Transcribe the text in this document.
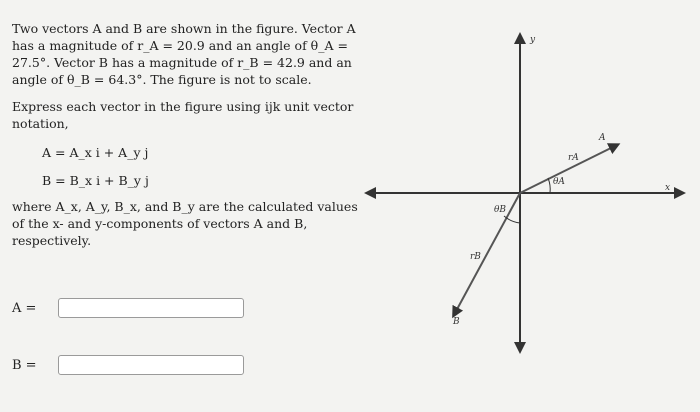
Two vectors A and B are shown in the figure. Vector A has a magnitude of r_A = 20.9 and an angle of θ_A = 27.5°. Vector B has a magnitude of r_B = 42.9 and an angle of θ_B = 64.3°. The figure is not to scale.

Express each vector in the figure using ijk unit vector notation,

A = A_x i + A_y j
B = B_x i + B_y j

where A_x, A_y, B_x, and B_y are the calculated values of the x- and y-components of vectors A and B, respectively.

A =
B =
x
y
A
rA
θA
B
rB
θB
